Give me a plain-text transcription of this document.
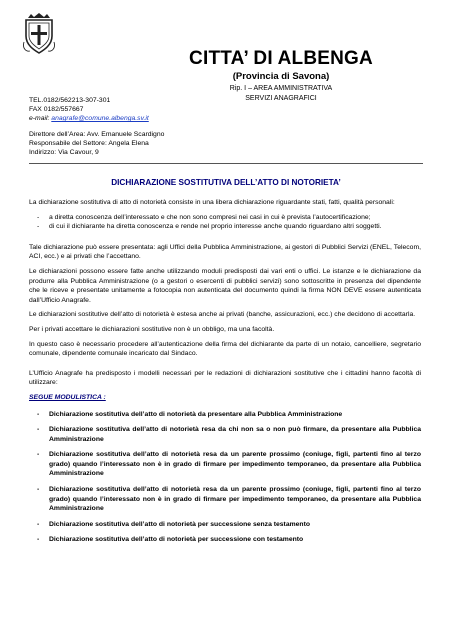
CITTA’ DI ALBENGA
(Provincia di Savona)
Rip. I – AREA AMMINISTRATIVA
SERVIZI ANAGRAFICI
TEL.0182/562213-307-301
FAX 0182/557667
e-mail: anagrafe@comune.albenga.sv.it
Direttore dell’Area: Avv. Emanuele Scardigno
Responsabile del Settore: Angela Elena
Indirizzo: Via Cavour, 9
DICHIARAZIONE SOSTITUTIVA DELL’ATTO DI NOTORIETA’

La dichiarazione sostitutiva di atto di notorietà consiste in una libera dichiarazione riguardante stati, fatti, qualità personali:

- a diretta conoscenza dell’interessato e che non sono compresi nei casi in cui è prevista l’autocertificazione;
- di cui il dichiarante ha diretta conoscenza e rende nel proprio interesse anche quando riguardano altri soggetti.

Tale dichiarazione può essere presentata: agli Uffici della Pubblica Amministrazione, ai gestori di Pubblici Servizi (ENEL, Telecom, ACI, ecc.) e ai privati che l’accettano.

Le dichiarazioni possono essere fatte anche utilizzando moduli predisposti dai vari enti o uffici. Le istanze e le dichiarazione da produrre alla Pubblica Amministrazione (o a gestori o esercenti di pubblici servizi) sono sottoscritte in presenza del dipendente che le riceve e presentate unitamente a fotocopia non autenticata del documento quindi la firma NON DEVE essere autenticata dall’Ufficio Anagrafe.

Le dichiarazioni sostitutive dell’atto di notorietà è estesa anche ai privati (banche, assicurazioni, ecc.) che decidono di accettarla.

Per i privati accettare le dichiarazioni sostitutive non è un obbligo, ma una facoltà.

In questo caso è necessario procedere all’autenticazione della firma del dichiarante da parte di un notaio, cancelliere, segretario comunale, dipendente comunale incaricato dal Sindaco.

L’Ufficio Anagrafe ha predisposto i modelli necessari per le redazioni di dichiarazioni sostitutive che i cittadini hanno facoltà di utilizzare:

SEGUE MODULISTICA :
- Dichiarazione sostitutiva dell’atto di notorietà da presentare alla Pubblica Amministrazione
- Dichiarazione sostitutiva dell’atto di notorietà resa da chi non sa o non può firmare, da presentare alla Pubblica Amministrazione
- Dichiarazione sostitutiva dell’atto di notorietà resa da un parente prossimo (coniuge, figli, partenti fino al terzo grado) quando l’interessato non è in grado di firmare per impedimento temporaneo, da presentare alla Pubblica Amministrazione
- Dichiarazione sostitutiva dell’atto di notorietà resa da un parente prossimo (coniuge, figli, partenti fino al terzo grado) quando l’interessato non è in grado di firmare per impedimento temporaneo, da presentare alla Pubblica Amministrazione
- Dichiarazione sostitutiva dell’atto di notorietà per successione senza testamento
- Dichiarazione sostitutiva dell’atto di notorietà per successione con testamento
